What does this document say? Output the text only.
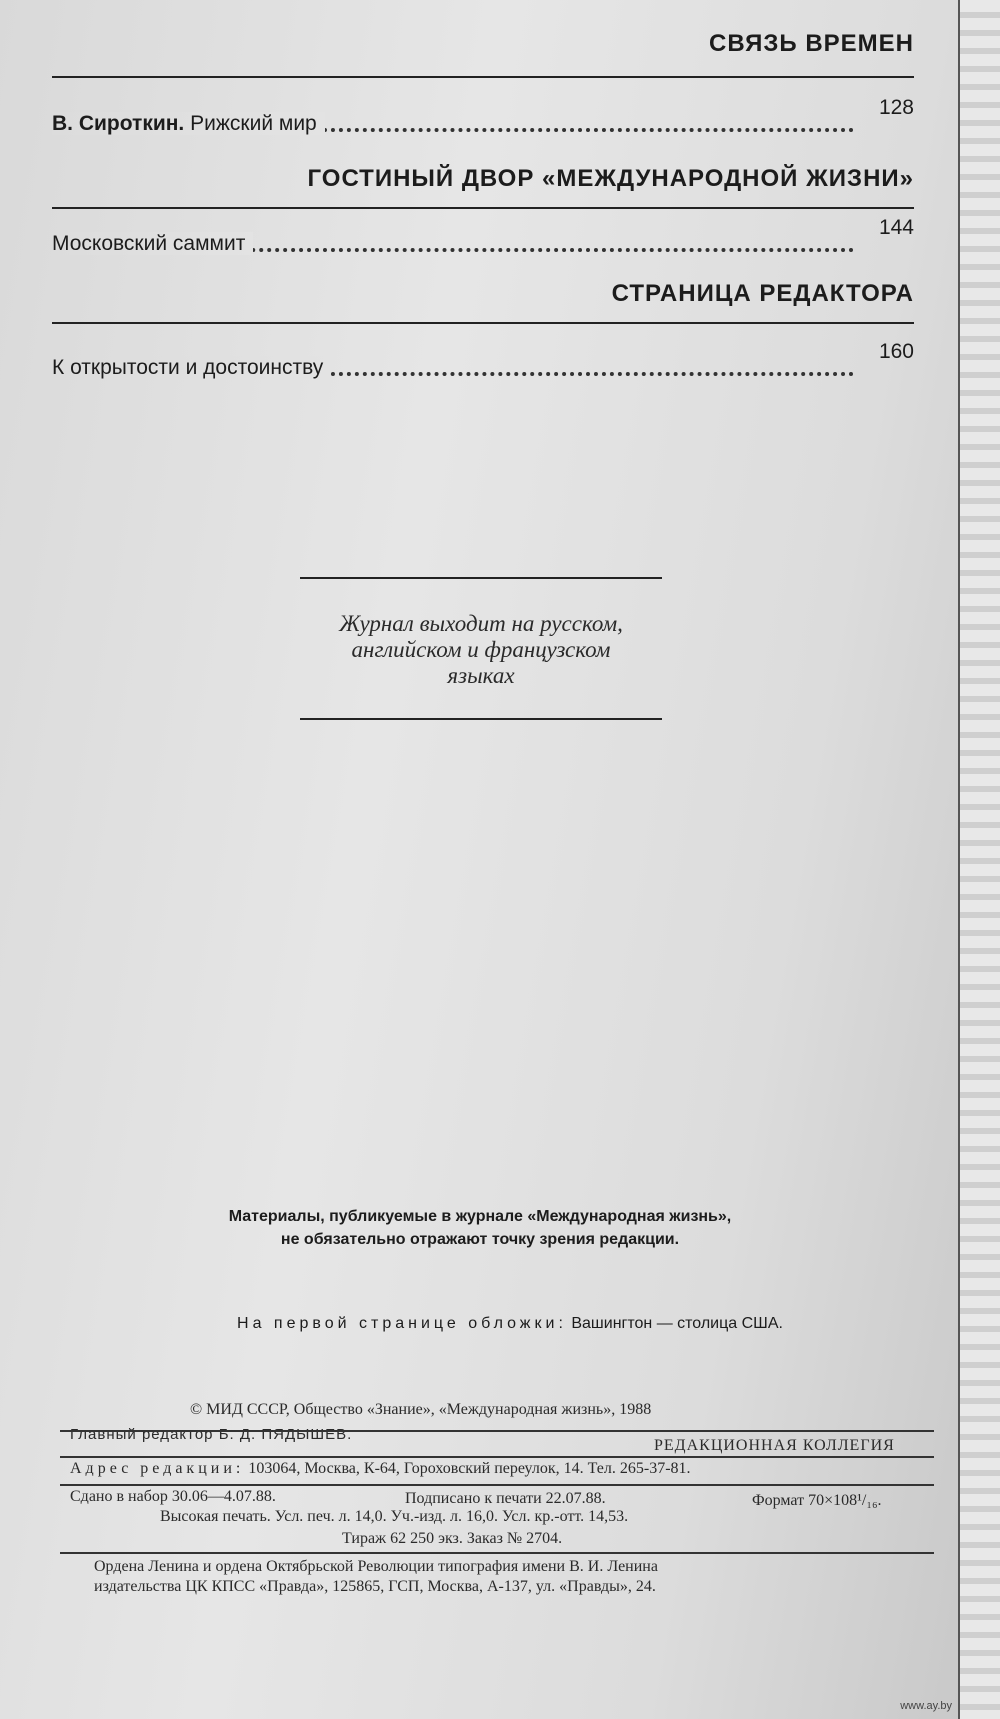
СВЯЗЬ ВРЕМЕН
В. Сироткин. Рижский мир
128
ГОСТИНЫЙ ДВОР «МЕЖДУНАРОДНОЙ ЖИЗНИ»
Московский саммит
144
СТРАНИЦА РЕДАКТОРА
К открытости и достоинству
160
Журнал выходит на русском,
английском и французском
языках
Материалы, публикуемые в журнале «Международная жизнь»,
не обязательно отражают точку зрения редакции.
На первой странице обложки: Вашингтон — столица США.
© МИД СССР, Общество «Знание», «Международная жизнь», 1988
Главный редактор Б. Д. ПЯДЫШЕВ.
РЕДАКЦИОННАЯ КОЛЛЕГИЯ
Адрес редакции: 103064, Москва, К-64, Гороховский переулок, 14. Тел. 265-37-81.
Сдано в набор 30.06—4.07.88.	Подписано к печати 22.07.88.	Формат 70×108¹/₁₆.
Высокая печать. Усл. печ. л. 14,0. Уч.-изд. л. 16,0. Усл. кр.-отт. 14,53.
Тираж 62 250 экз. Заказ № 2704.
Ордена Ленина и ордена Октябрьской Революции типография имени В. И. Ленина
издательства ЦК КПСС «Правда», 125865, ГСП, Москва, А-137, ул. «Правды», 24.
www.ay.by
